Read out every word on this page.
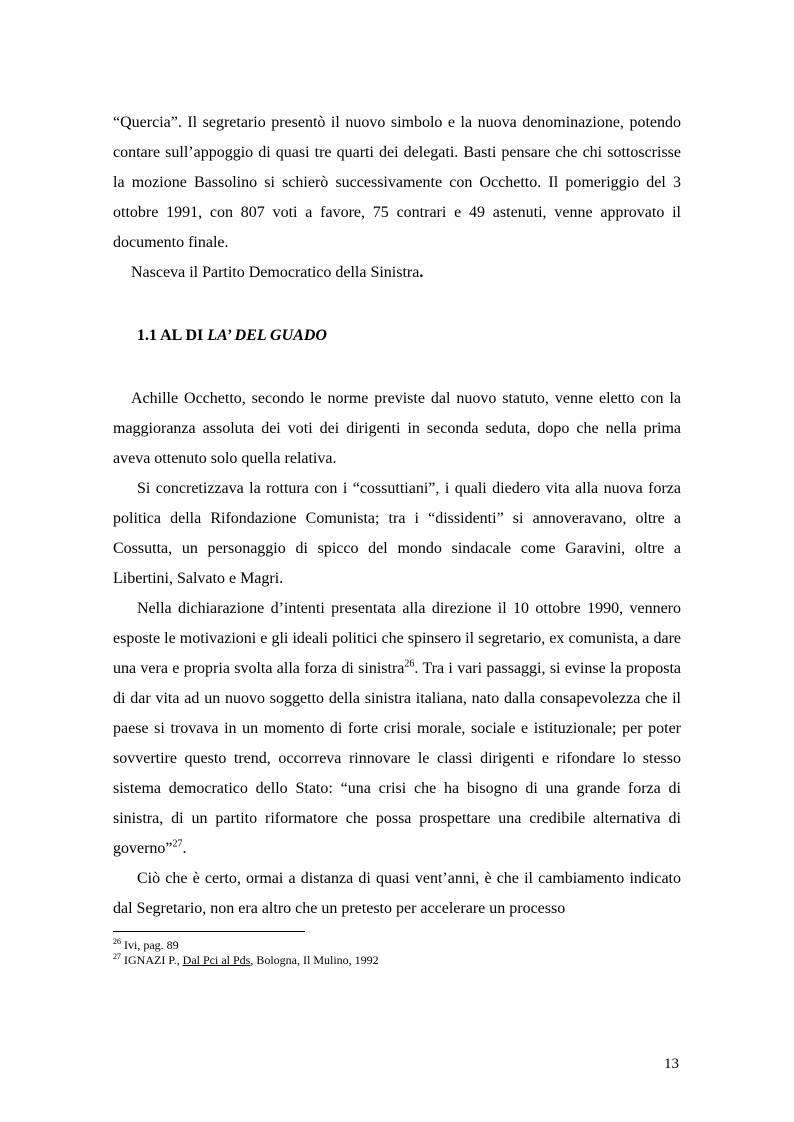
“Quercia”. Il segretario presentò il nuovo simbolo e la nuova denominazione, potendo contare sull’appoggio di quasi tre quarti dei delegati. Basti pensare che chi sottoscrisse la mozione Bassolino si schierò successivamente con Occhetto. Il pomeriggio del 3 ottobre 1991, con 807 voti a favore, 75 contrari e 49 astenuti, venne approvato il documento finale.

Nasceva il Partito Democratico della Sinistra.

1.1 AL DI LA’ DEL GUADO

Achille Occhetto, secondo le norme previste dal nuovo statuto, venne eletto con la maggioranza assoluta dei voti dei dirigenti in seconda seduta, dopo che nella prima aveva ottenuto solo quella relativa.

Si concretizzava la rottura con i “cossuttiani”, i quali diedero vita alla nuova forza politica della Rifondazione Comunista; tra i “dissidenti” si annoveravano, oltre a Cossutta, un personaggio di spicco del mondo sindacale come Garavini, oltre a Libertini, Salvato e Magri.

Nella dichiarazione d’intenti presentata alla direzione il 10 ottobre 1990, vennero esposte le motivazioni e gli ideali politici che spinsero il segretario, ex comunista, a dare una vera e propria svolta alla forza di sinistra$^{26}$. Tra i vari passaggi, si evinse la proposta di dar vita ad un nuovo soggetto della sinistra italiana, nato dalla consapevolezza che il paese si trovava in un momento di forte crisi morale, sociale e istituzionale; per poter sovvertire questo trend, occorreva rinnovare le classi dirigenti e rifondare lo stesso sistema democratico dello Stato: “una crisi che ha bisogno di una grande forza di sinistra, di un partito riformatore che possa prospettare una credibile alternativa di governo”$^{27}$.

Ciò che è certo, ormai a distanza di quasi vent’anni, è che il cambiamento indicato dal Segretario, non era altro che un pretesto per accelerare un processo

$^{26}$ Ivi, pag. 89
$^{27}$ IGNAZI P., Dal Pci al Pds, Bologna, Il Mulino, 1992
13
